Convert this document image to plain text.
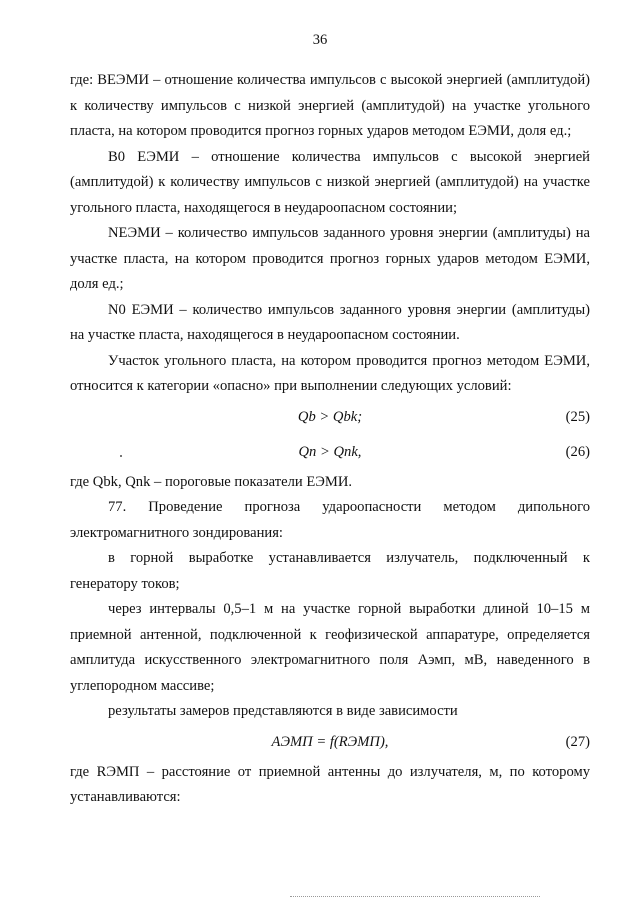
36

где: BЕЭМИ – отношение количества импульсов с высокой энергией (амплитудой) к количеству импульсов с низкой энергией (амплитудой) на участке угольного пласта, на котором проводится прогноз горных ударов методом ЕЭМИ, доля ед.;

B0 ЕЭМИ – отношение количества импульсов с высокой энергией (амплитудой) к количеству импульсов с низкой энергией (амплитудой) на участке угольного пласта, находящегося в неудароопасном состоянии;

NЕЭМИ – количество импульсов заданного уровня энергии (амплитуды) на участке пласта, на котором проводится прогноз горных ударов методом ЕЭМИ, доля ед.;

N0 ЕЭМИ – количество импульсов заданного уровня энергии (амплитуды) на участке пласта, находящегося в неудароопасном состоянии.

Участок угольного пласта, на котором проводится прогноз методом ЕЭМИ, относится к категории «опасно» при выполнении следующих условий:

Qb > Qbk;	(25)
Qn > Qnk,	(26)

где Qbk, Qnk – пороговые показатели ЕЭМИ.

77. Проведение прогноза удароопасности методом дипольного электромагнитного зондирования:

в горной выработке устанавливается излучатель, подключенный к генератору токов;

через интервалы 0,5–1 м на участке горной выработки длиной 10–15 м приемной антенной, подключенной к геофизической аппаратуре, определяется амплитуда искусственного электромагнитного поля Aэмп, мВ, наведенного в углепородном массиве;

результаты замеров представляются в виде зависимости

AЭМП = f(RЭМП),	(27)

где RЭМП – расстояние от приемной антенны до излучателя, м, по которому устанавливаются:
